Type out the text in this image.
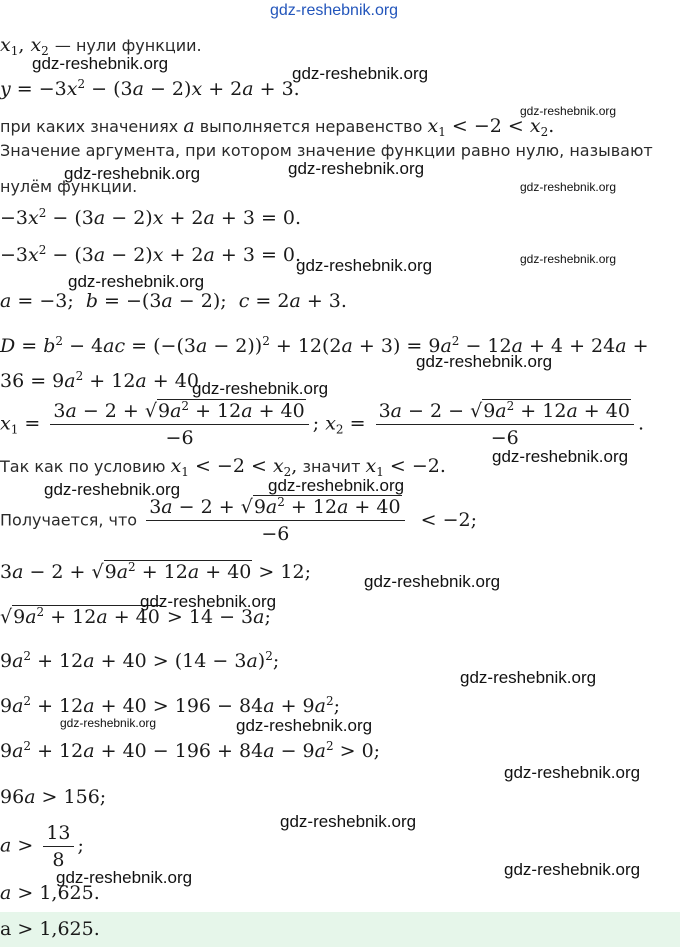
gdz-reshebnik.org
$x_1$, $x_2$ — нули функции.
$y = -3x^2 - (3a - 2)x + 2a + 3$.
при каких значениях a выполняется неравенство $x_1 < -2 < x_2$.
Значение аргумента, при котором значение функции равно нулю, называют
нулём функции.
$-3x^2 - (3a - 2)x + 2a + 3 = 0$.
$-3x^2 - (3a - 2)x + 2a + 3 = 0$.
a = −3;  b = −(3a − 2);  c = 2a + 3.
$D = b^2 - 4ac = (-(3a - 2))^2 + 12(2a + 3) = 9a^2 - 12a + 4 + 24a$ +
$36 = 9a^2 + 12a + 40$
$x_1 = \frac{3a - 2 + √9a^2 + 12a + 40}{-6}$ ; $x_2 = \frac{3a - 2 - √9a^2 + 12a + 40}{-6}$ .
Так как по условию $x_1 < -2 < x_2$, значит $x_1 < -2$.
Получается, что $\frac{3a - 2 + √9a^2 + 12a + 40}{-6} < -2$;
$3a - 2 + √9a^2 + 12a + 40 > 12$;
$√9a^2 + 12a + 40 > 14 - 3a$;
$9a^2 + 12a + 40 > (14 - 3a)^2$;
$9a^2 + 12a + 40 > 196 - 84a + 9a^2$;
$9a^2 + 12a + 40 - 196 + 84a - 9a^2 > 0$;
96a > 156;
$a > \frac{13}{8}$ ;
a > 1,625.
a > 1,625.
gdz-reshebnik.org
gdz-reshebnik.org
gdz-reshebnik.org
gdz-reshebnik.org	gdz-reshebnik.org
gdz-reshebnik.org
gdz-reshebnik.org	gdz-reshebnik.org
gdz-reshebnik.org
gdz-reshebnik.org
gdz-reshebnik.org
gdz-reshebnik.org
gdz-reshebnik.org	gdz-reshebnik.org
gdz-reshebnik.org
gdz-reshebnik.org
gdz-reshebnik.org
gdz-reshebnik.org	gdz-reshebnik.org
gdz-reshebnik.org
gdz-reshebnik.org
gdz-reshebnik.org
gdz-reshebnik.org
